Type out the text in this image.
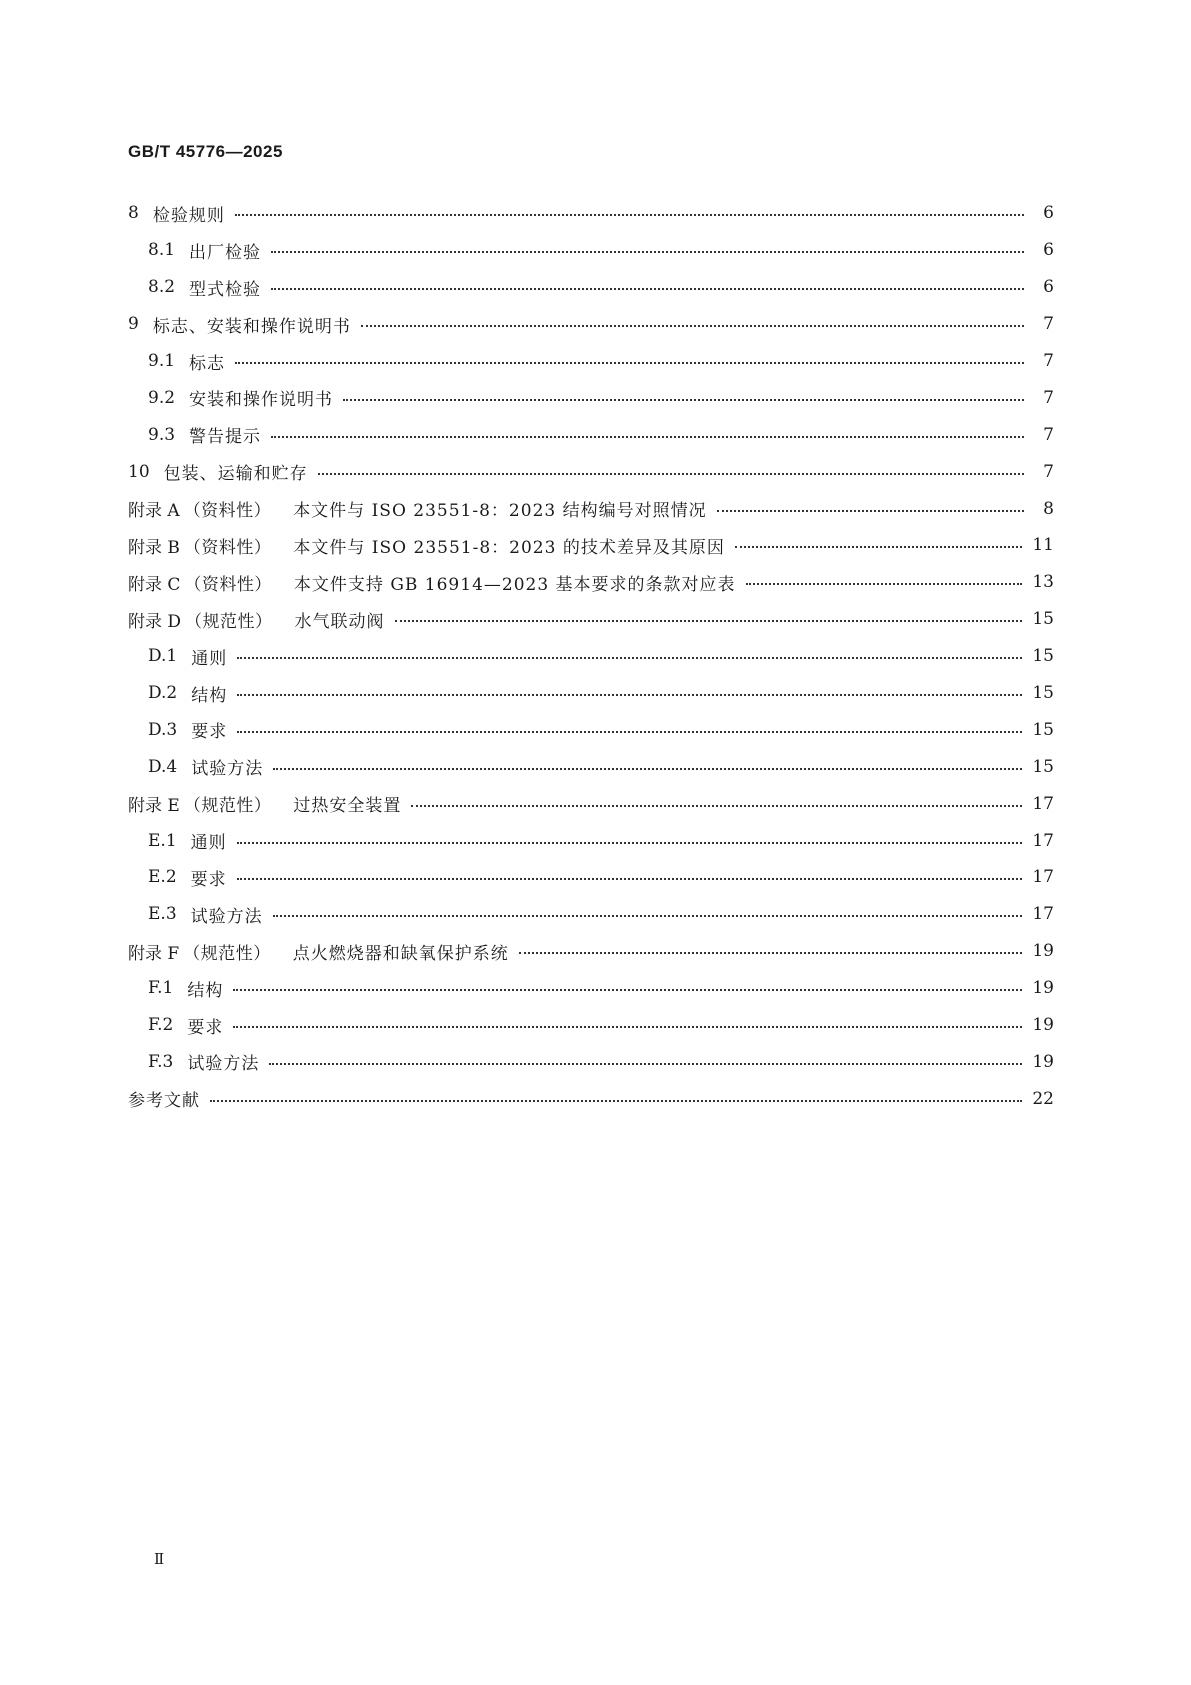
GB/T 45776—2025
8 检验规则	6
8.1 出厂检验	6
8.2 型式检验	6
9 标志、安装和操作说明书	7
9.1 标志	7
9.2 安装和操作说明书	7
9.3 警告提示	7
10 包装、运输和贮存	7
附录 A （资料性） 本文件与 ISO 23551-8：2023 结构编号对照情况	8
附录 B （资料性） 本文件与 ISO 23551-8：2023 的技术差异及其原因	11
附录 C （资料性） 本文件支持 GB 16914—2023 基本要求的条款对应表	13
附录 D （规范性） 水气联动阀	15
D.1 通则	15
D.2 结构	15
D.3 要求	15
D.4 试验方法	15
附录 E （规范性） 过热安全装置	17
E.1 通则	17
E.2 要求	17
E.3 试验方法	17
附录 F （规范性） 点火燃烧器和缺氧保护系统	19
F.1 结构	19
F.2 要求	19
F.3 试验方法	19
参考文献	22
Ⅱ
